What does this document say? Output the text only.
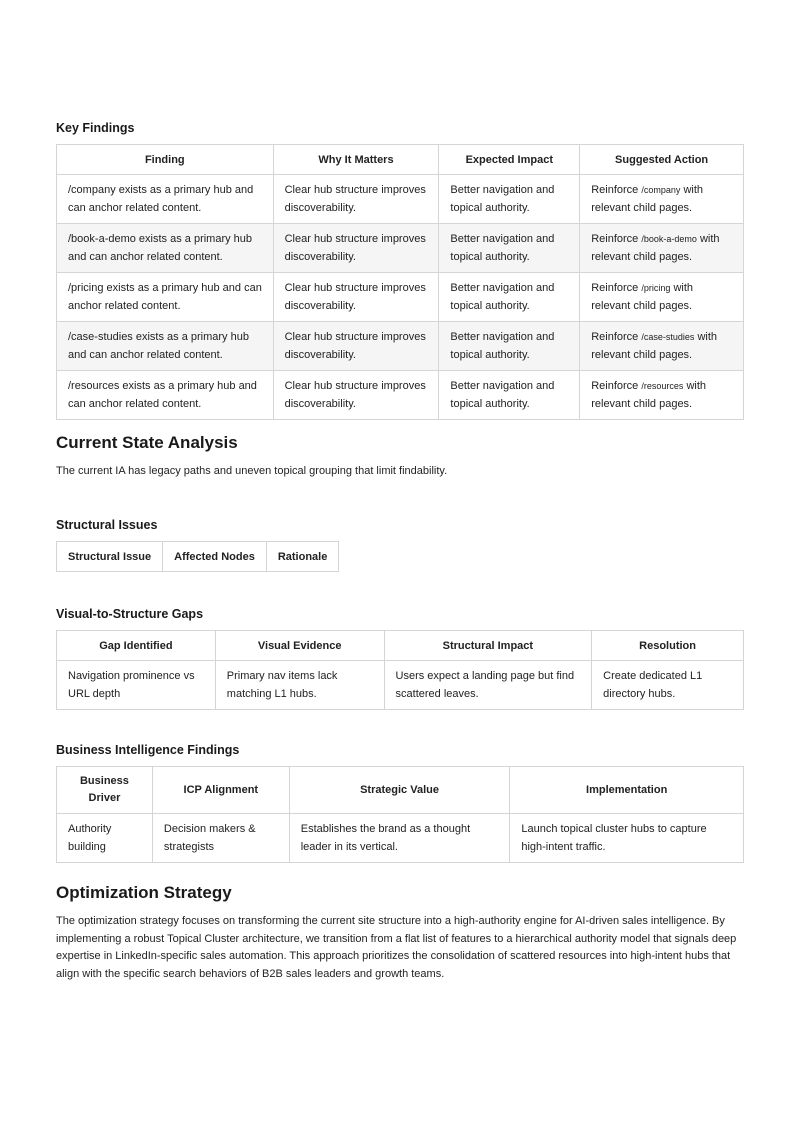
Key Findings
Finding	Why It Matters	Expected Impact	Suggested Action
/company exists as a primary hub and can anchor related content.	Clear hub structure improves discoverability.	Better navigation and topical authority.	Reinforce /company with relevant child pages.
/book-a-demo exists as a primary hub and can anchor related content.	Clear hub structure improves discoverability.	Better navigation and topical authority.	Reinforce /book-a-demo with relevant child pages.
/pricing exists as a primary hub and can anchor related content.	Clear hub structure improves discoverability.	Better navigation and topical authority.	Reinforce /pricing with relevant child pages.
/case-studies exists as a primary hub and can anchor related content.	Clear hub structure improves discoverability.	Better navigation and topical authority.	Reinforce /case-studies with relevant child pages.
/resources exists as a primary hub and can anchor related content.	Clear hub structure improves discoverability.	Better navigation and topical authority.	Reinforce /resources with relevant child pages.
Current State Analysis

The current IA has legacy paths and uneven topical grouping that limit findability.

Structural Issues
Structural Issue	Affected Nodes	Rationale
Visual-to-Structure Gaps
Gap Identified	Visual Evidence	Structural Impact	Resolution
Navigation prominence vs URL depth	Primary nav items lack matching L1 hubs.	Users expect a landing page but find scattered leaves.	Create dedicated L1 directory hubs.
Business Intelligence Findings
Business Driver	ICP Alignment	Strategic Value	Implementation
Authority building	Decision makers & strategists	Establishes the brand as a thought leader in its vertical.	Launch topical cluster hubs to capture high-intent traffic.
Optimization Strategy

The optimization strategy focuses on transforming the current site structure into a high-authority engine for AI-driven sales intelligence. By implementing a robust Topical Cluster architecture, we transition from a flat list of features to a hierarchical authority model that signals deep expertise in LinkedIn-specific sales automation. This approach prioritizes the consolidation of scattered resources into high-intent hubs that align with the specific search behaviors of B2B sales leaders and growth teams.
